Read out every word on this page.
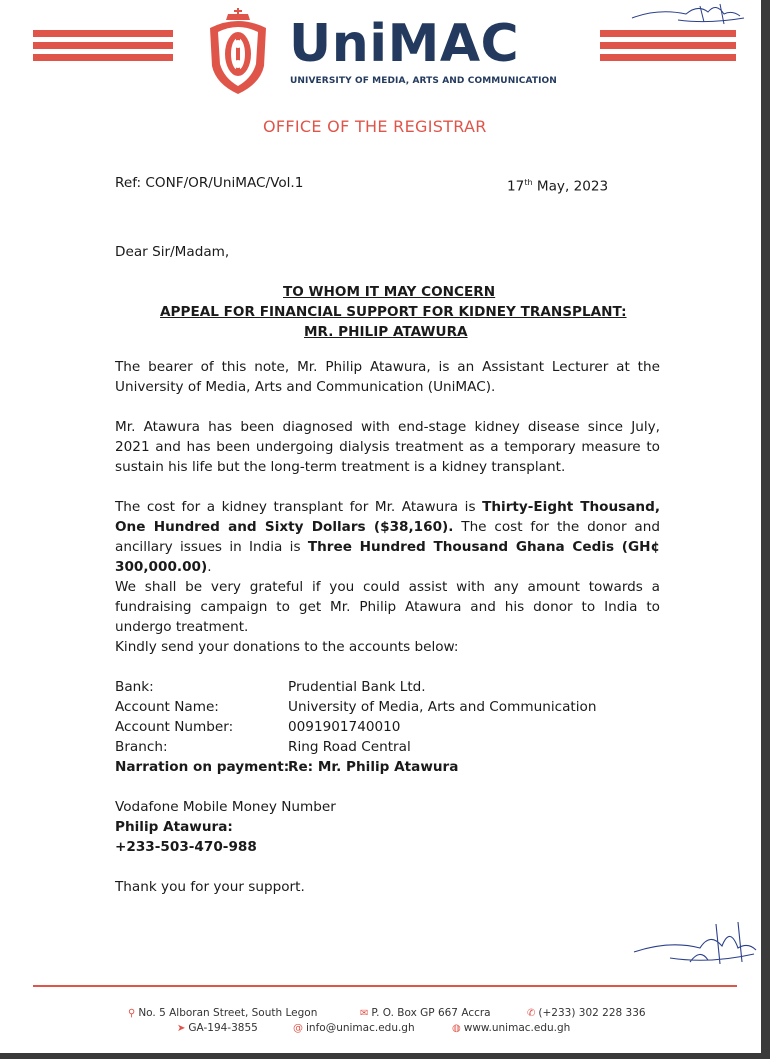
UniMAC
UNIVERSITY OF MEDIA, ARTS AND COMMUNICATION
OFFICE OF THE REGISTRAR
Ref: CONF/OR/UniMAC/Vol.1	17th May, 2023
Dear Sir/Madam,
TO WHOM IT MAY CONCERN
APPEAL FOR FINANCIAL SUPPORT FOR KIDNEY TRANSPLANT:
MR. PHILIP ATAWURA
The bearer of this note, Mr. Philip Atawura, is an Assistant Lecturer at the University of Media, Arts and Communication (UniMAC).
Mr. Atawura has been diagnosed with end-stage kidney disease since July, 2021 and has been undergoing dialysis treatment as a temporary measure to sustain his life but the long-term treatment is a kidney transplant.
The cost for a kidney transplant for Mr. Atawura is Thirty-Eight Thousand, One Hundred and Sixty Dollars ($38,160). The cost for the donor and ancillary issues in India is Three Hundred Thousand Ghana Cedis (GH¢ 300,000.00).
We shall be very grateful if you could assist with any amount towards a fundraising campaign to get Mr. Philip Atawura and his donor to India to undergo treatment.
Kindly send your donations to the accounts below:
Bank:	Prudential Bank Ltd.
Account Name:	University of Media, Arts and Communication
Account Number:	0091901740010
Branch:	Ring Road Central
Narration on payment:
Re: Mr. Philip Atawura
Vodafone Mobile Money Number
Philip Atawura:
+233-503-470-988
Thank you for your support.
⚲ No. 5 Alboran Street, South Legon	✉ P. O. Box GP 667 Accra	✆ (+233) 302 228 336
➤ GA-194-3855	@ info@unimac.edu.gh	◍ www.unimac.edu.gh
